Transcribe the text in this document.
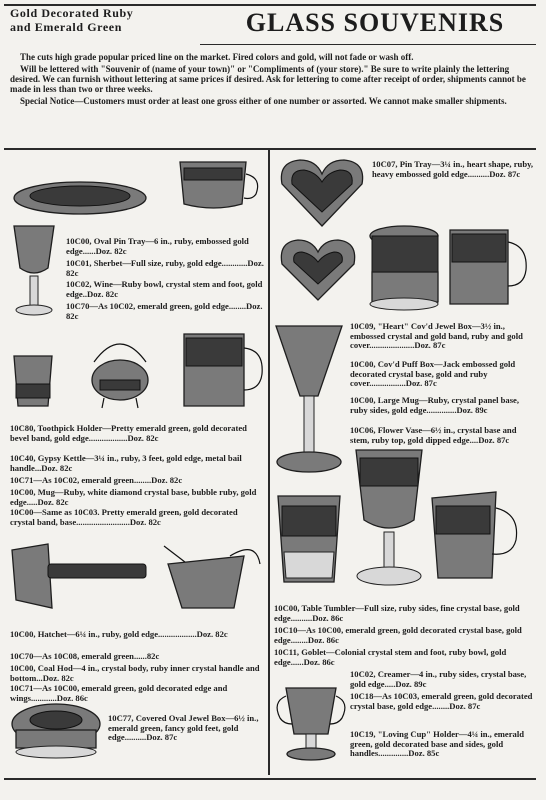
Gold Decorated Ruby
and Emerald Green	GLASS SOUVENIRS

The cuts high grade popular priced line on the market. Fired colors and gold, will not fade or wash off.

Will be lettered with "Souvenir of (name of your town)" or "Compliments of (your store)." Be sure to write plainly the lettering desired. We can furnish without lettering at same prices if desired. Ask for lettering to come after receipt of order, shipments cannot be made in less than two or three weeks.

Special Notice—Customers must order at least one gross either of one number or assorted. We cannot make smaller shipments.

10C00, Oval Pin Tray—6 in., ruby, embossed gold edge......Doz. 82c
10C01, Sherbet—Full size, ruby, gold edge............Doz. 82c
10C02, Wine—Ruby bowl, crystal stem and foot, gold edge..Doz. 82c
10C70—As 10C02, emerald green, gold edge........Doz. 82c
10C80, Toothpick Holder—Pretty emerald green, gold decorated bevel band, gold edge..................Doz. 82c
10C40, Gypsy Kettle—3¼ in., ruby, 3 feet, gold edge, metal bail handle...Doz. 82c
10C71—As 10C02, emerald green........Doz. 82c
10C00, Mug—Ruby, white diamond crystal base, bubble ruby, gold edge.....Doz. 82c
10C00—Same as 10C03. Pretty emerald green, gold decorated crystal band, base.........................Doz. 82c
10C00, Hatchet—6¼ in., ruby, gold edge..................Doz. 82c
10C70—As 10C08, emerald green......82c
10C00, Coal Hod—4 in., crystal body, ruby inner crystal handle and bottom...Doz. 82c
10C71—As 10C00, emerald green, gold decorated edge and wings............Doz. 86c
10C77, Covered Oval Jewel Box—6½ in., emerald green, fancy gold feet, gold edge..........Doz. 87c
10C07, Pin Tray—3¼ in., heart shape, ruby, heavy embossed gold edge..........Doz. 87c
10C09, "Heart" Cov'd Jewel Box—3½ in., embossed crystal and gold band, ruby and gold cover.....................Doz. 87c
10C00, Cov'd Puff Box—Jack embossed gold decorated crystal base, gold and ruby cover.................Doz. 87c
10C00, Large Mug—Ruby, crystal panel base, ruby sides, gold edge..............Doz. 89c
10C06, Flower Vase—6½ in., crystal base and stem, ruby top, gold dipped edge....Doz. 87c
10C00, Table Tumbler—Full size, ruby sides, fine crystal base, gold edge..........Doz. 86c
10C10—As 10C00, emerald green, gold decorated crystal base, gold edge........Doz. 86c
10C11, Goblet—Colonial crystal stem and foot, ruby bowl, gold edge......Doz. 86c
10C02, Creamer—4 in., ruby sides, crystal base, gold edge.....Doz. 89c
10C18—As 10C03, emerald green, gold decorated crystal base, gold edge........Doz. 87c
10C19, "Loving Cup" Holder—4¼ in., emerald green, gold decorated base and sides, gold handles..............Doz. 85c
